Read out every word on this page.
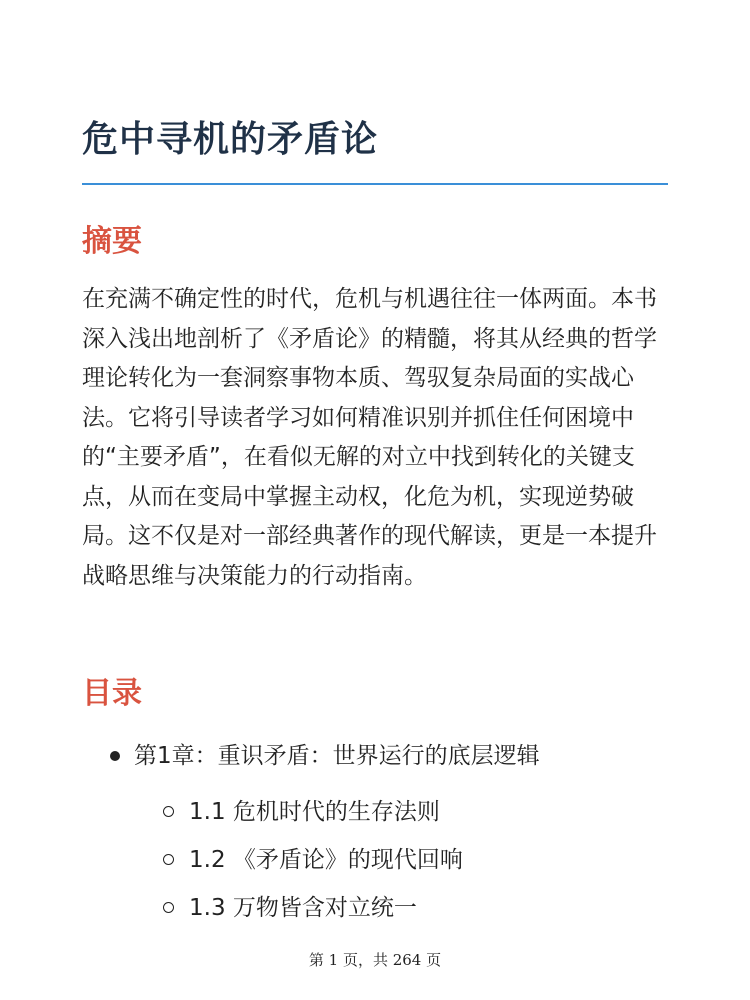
危中寻机的矛盾论
摘要

在充满不确定性的时代，危机与机遇往往一体两面。本书深入浅出地剖析了《矛盾论》的精髓，将其从经典的哲学理论转化为一套洞察事物本质、驾驭复杂局面的实战心法。它将引导读者学习如何精准识别并抓住任何困境中的“主要矛盾”，在看似无解的对立中找到转化的关键支点，从而在变局中掌握主动权，化危为机，实现逆势破局。这不仅是对一部经典著作的现代解读，更是一本提升战略思维与决策能力的行动指南。

目录
第1章：重识矛盾：世界运行的底层逻辑
1.1 危机时代的生存法则
1.2 《矛盾论》的现代回响
1.3 万物皆含对立统一
第 1 页，共 264 页
